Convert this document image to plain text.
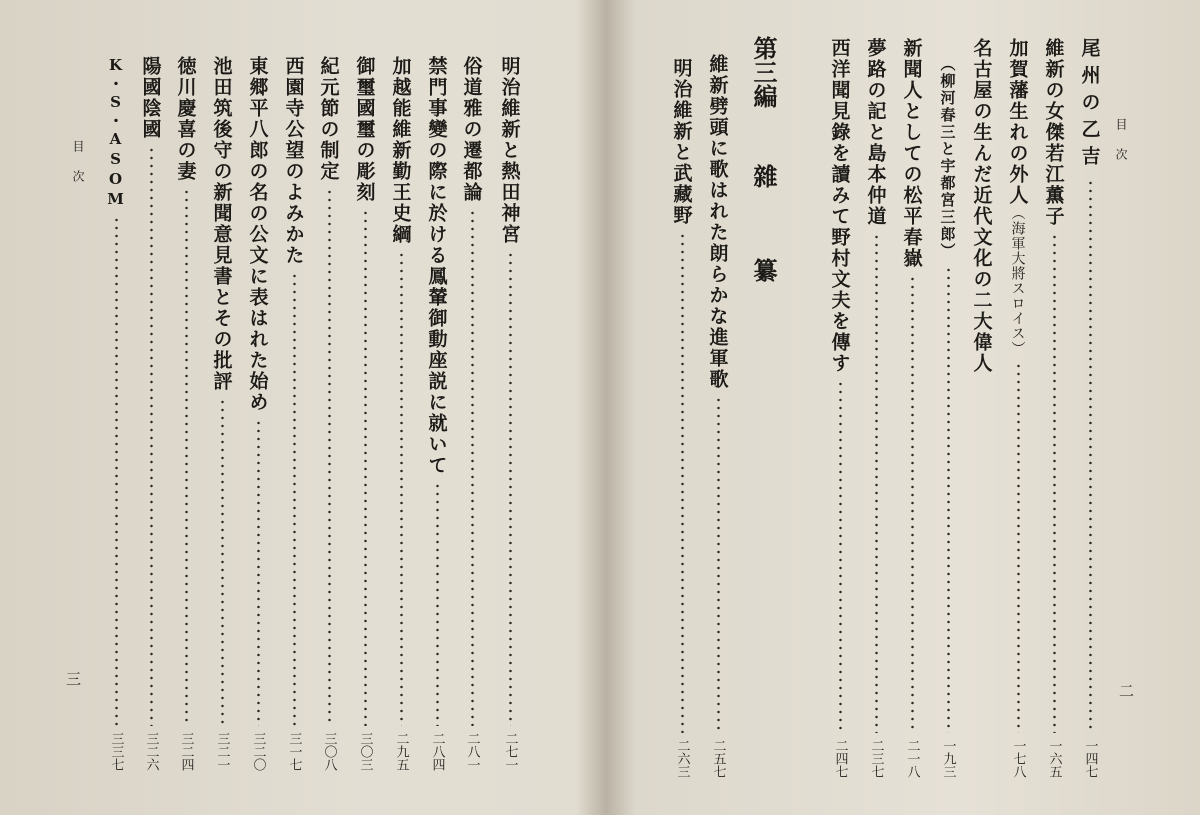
目次
三
明治維新と熱田神宮
二七一
俗道雅の遷都論
二八一
禁門事變の際に於ける鳳輦御動座説に就いて
二八四
加越能維新勤王史綱
二九五
御璽國璽の彫刻
三〇三
紀元節の制定
三〇八
西園寺公望のよみかた
三一七
東郷平八郎の名の公文に表はれた始め
三二〇
池田筑後守の新聞意見書とその批評
三二一
徳川慶喜の妻
三二四
陽國陰國
三二六
K・S・ASOM
三三七
目次
二
尾州の乙吉
一四七
維新の女傑若江薫子
一六五
加賀藩生れの外人（海軍大將スロイス）
一七八
名古屋の生んだ近代文化の二大偉人
（柳河春三と宇都宮三郎）
一九三
新聞人としての松平春嶽
二一八
夢路の記と島本仲道
二三七
西洋聞見錄を讀みて野村文夫を傳す
二四七
第三編雜纂
維新劈頭に歌はれた朗らかな進軍歌
二五七
明治維新と武藏野
二六三
